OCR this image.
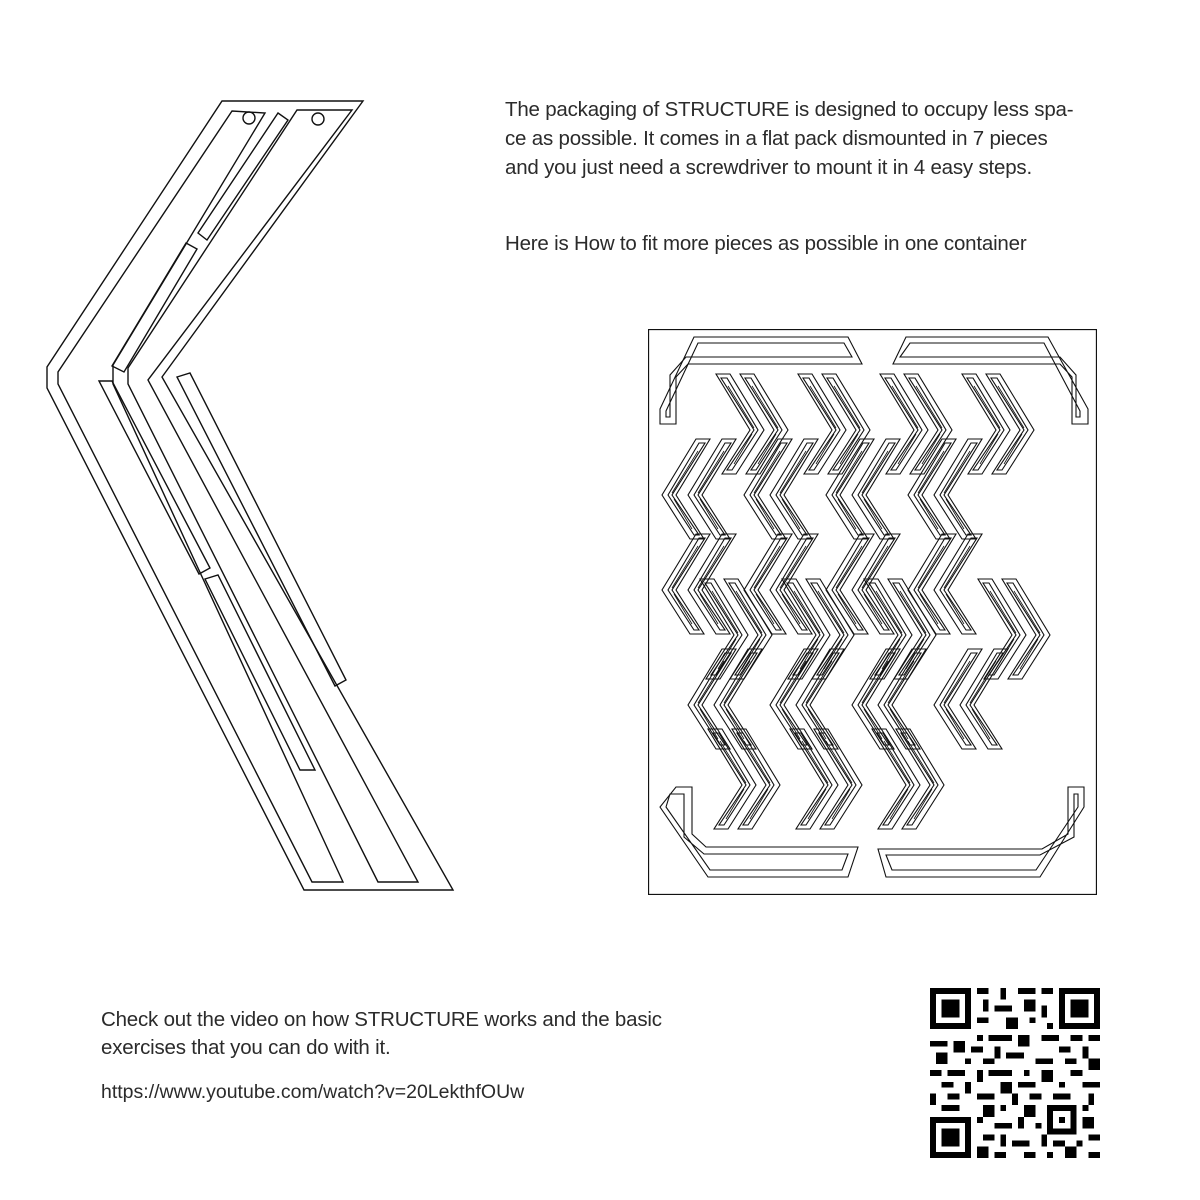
The packaging of STRUCTURE is designed to occupy less spa-
ce as possible. It comes in a flat pack dismounted in 7 pieces
and you just need a screwdriver to mount it in 4 easy steps.

Here is How to fit more pieces as possible in one container

Check out the video on how STRUCTURE works and the basic
exercises that you can do with it.

https://www.youtube.com/watch?v=20LekthfOUw
